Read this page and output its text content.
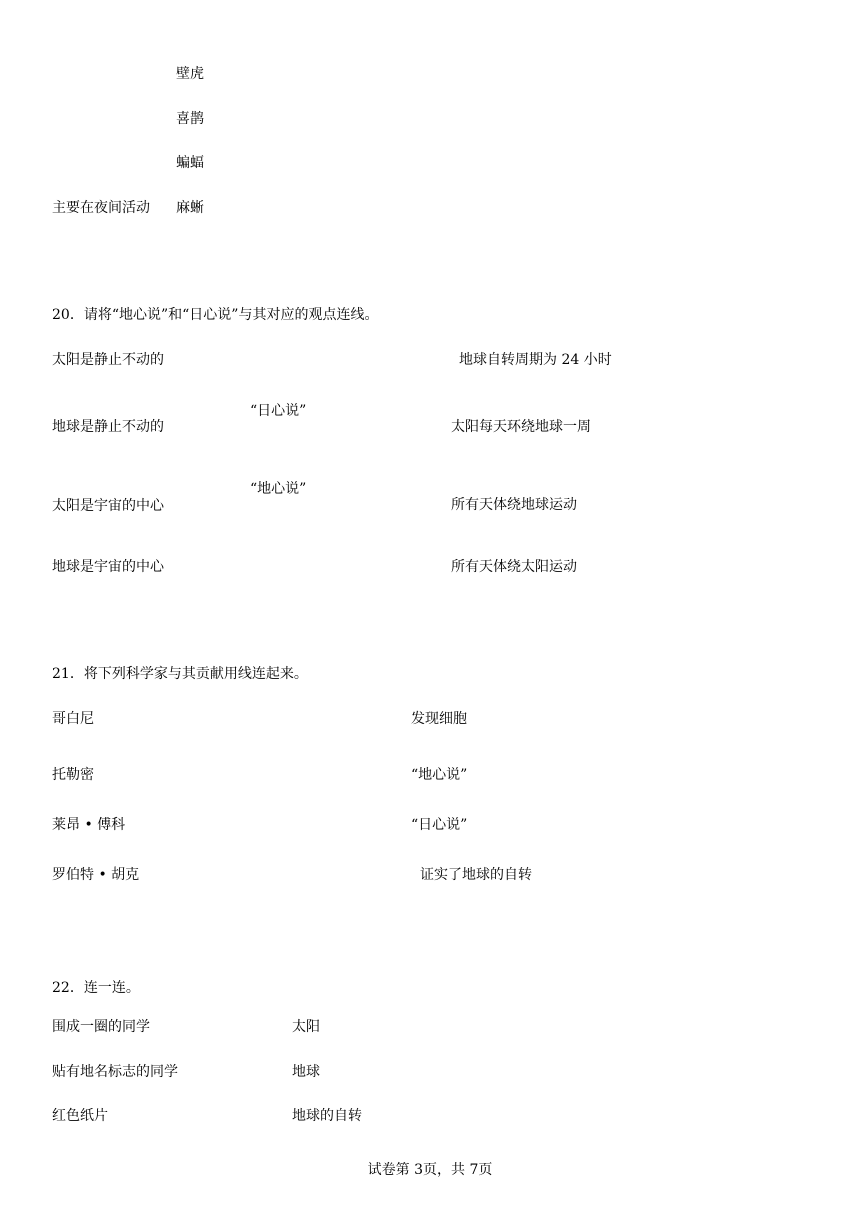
壁虎
喜鹊
蝙蝠
主要在夜间活动 麻蜥
20．请将“地心说”和“日心说”与其对应的观点连线。
太阳是静止不动的
地球是静止不动的
太阳是宇宙的中心
地球是宇宙的中心
“日心说”
“地心说”
地球自转周期为 24 小时
太阳每天环绕地球一周
所有天体绕地球运动
所有天体绕太阳运动
21．将下列科学家与其贡献用线连起来。
哥白尼
托勒密
莱昂 • 傅科
罗伯特 • 胡克
发现细胞
“地心说”
“日心说”
证实了地球的自转
22．连一连。
围成一圈的同学
贴有地名标志的同学
红色纸片
太阳
地球
地球的自转
试卷第 3页，共 7页
